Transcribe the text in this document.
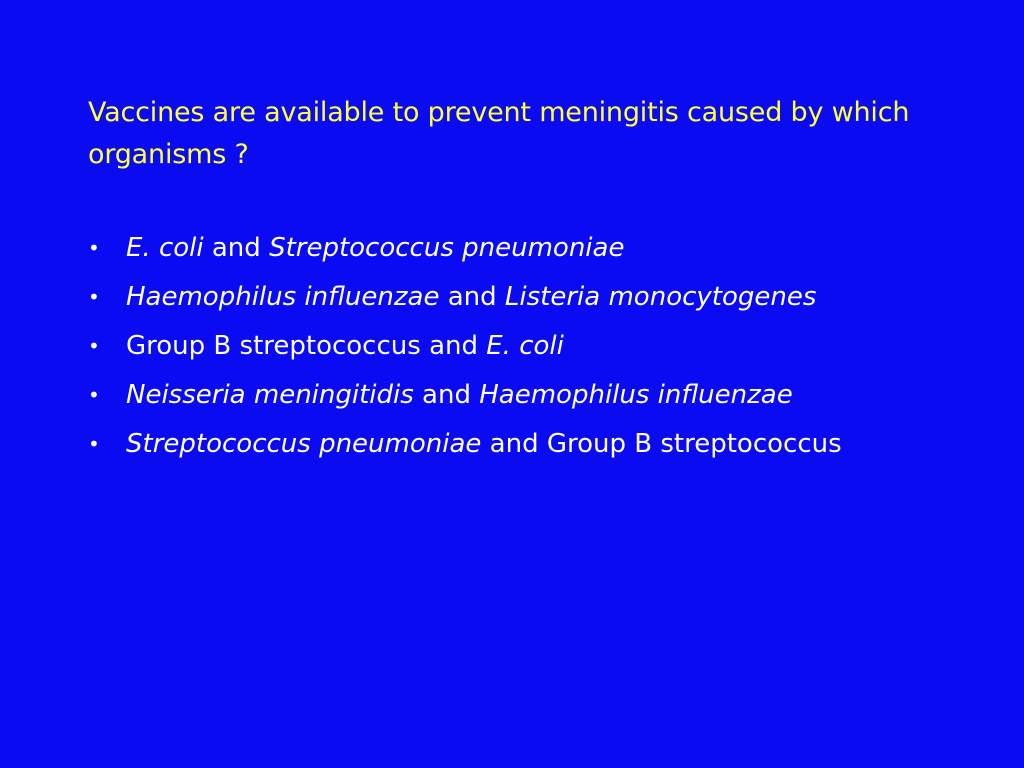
Vaccines are available to prevent meningitis caused by which organisms ?
• E. coli and Streptococcus pneumoniae
• Haemophilus influenzae and Listeria monocytogenes
• Group B streptococcus and E. coli
• Neisseria meningitidis and Haemophilus influenzae
• Streptococcus pneumoniae and Group B streptococcus
